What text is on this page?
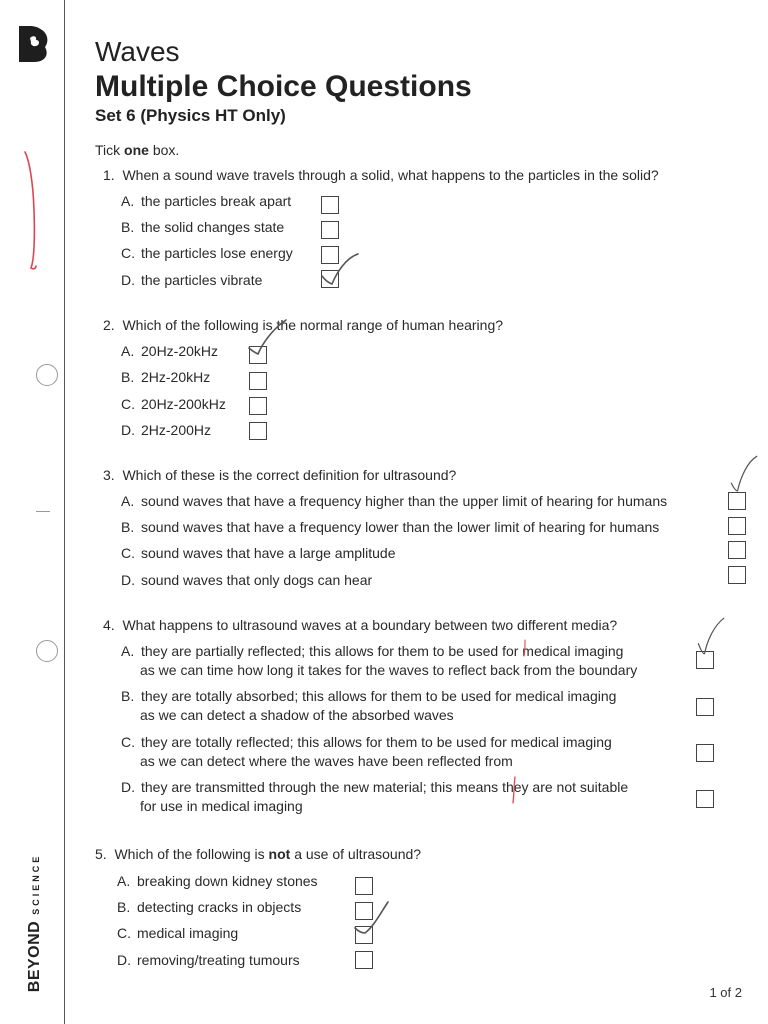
BEYONDSCIENCE
Waves
Multiple Choice Questions
Set 6 (Physics HT Only)
Tick one box.
1. When a sound wave travels through a solid, what happens to the particles in the solid?
A. the particles break apart
B. the solid changes state
C. the particles lose energy
D. the particles vibrate
2. Which of the following is the normal range of human hearing?
A. 20Hz-20kHz
B. 2Hz-20kHz
C. 20Hz-200kHz
D. 2Hz-200Hz
3. Which of these is the correct definition for ultrasound?
A. sound waves that have a frequency higher than the upper limit of hearing for humans
B. sound waves that have a frequency lower than the lower limit of hearing for humans
C. sound waves that have a large amplitude
D. sound waves that only dogs can hear
4. What happens to ultrasound waves at a boundary between two different media?
A. they are partially reflected; this allows for them to be used for medical imaging
as we can time how long it takes for the waves to reflect back from the boundary
B. they are totally absorbed; this allows for them to be used for medical imaging
as we can detect a shadow of the absorbed waves
C. they are totally reflected; this allows for them to be used for medical imaging
as we can detect where the waves have been reflected from
D. they are transmitted through the new material; this means they are not suitable
for use in medical imaging
5. Which of the following is not a use of ultrasound?
A. breaking down kidney stones
B. detecting cracks in objects
C. medical imaging
D. removing/treating tumours
1 of 2
